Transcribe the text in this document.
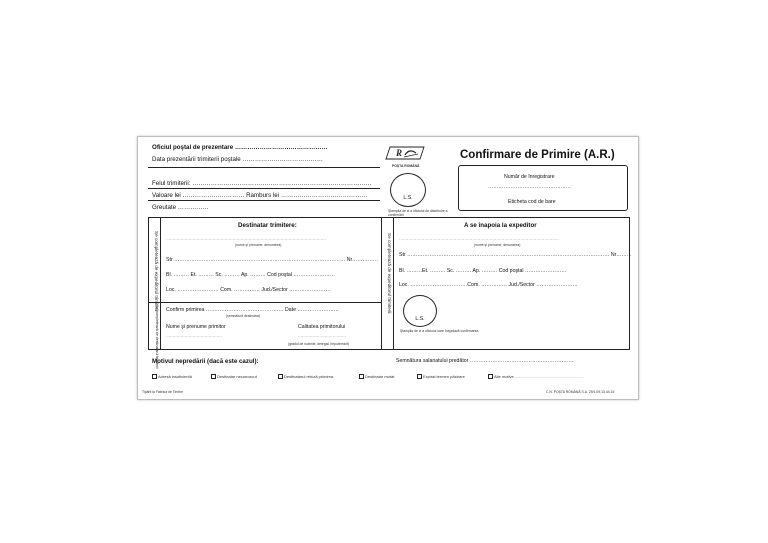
Oficiul poştal de prezentare ………………………………………
Data prezentării trimiterii poştale …………………………………
R
POŞTA ROMÂNĂ
Confirmare de Primire (A.R.)
Felul trimiterii: ……………………………………………………………………………
Valoare lei ………………………… Ramburs lei ……………………………………
Greutate ……………
$_{L.S.}$
Ştampila de zi a oficiului de distribuire a confirmării
Număr de înregistrare
…………………………………………
Eticheta cod de bare
Se completează de expeditorul trimiterii
Se completează de destinatarul trimiterii
Destinatar trimitere:
…………………………………………………………………………………………………………
(nume şi prenume, denumirea)
Str ……………………………………………………………………………………… Nr……………
Bl. ……… Et. ……… Sc. ……… Ap. ……… Cod poştal ……………………
Loc. …………………… Com. …………… Jud./Sector ……………………
Confirm primirea ……………………………………… Date ……………………
(semnătură destinatar)
Nume şi prenume primitor	Calitatea primitorului
……………………………………	………………………………
(gradul de rudenie, delegat, împuternicit)
Se completează de expeditorul trimiterii
A se înapoia la expeditor
…………………………………………………………………………………………………………
(nume şi prenume, denumirea)
Str ……………………………………………………………………………………………………… Nr………
Bl. ………Et. ……… Sc. ……… Ap. ……… Cod poştal ……………………
Loc. ……………………………Com. …………… Jud./Sector ……………………
$_{L.S.}$
Ştampila de zi a oficiului care înapoiază confirmarea
Motivul nepredării (dacă este cazul):	Semnătura salariatului predător ……………………………………………………
Adresă insuficientă	Destinatar necunoscut	Destinatarul refuză primirea	Destinatar mutat	Expirat termen păstrare	Alte motive ……………………………………………
Tipărit la Fabrica de Timbre	C.N. POŞTA ROMÂNĂ S.A. 29/1.09.13.44.15
